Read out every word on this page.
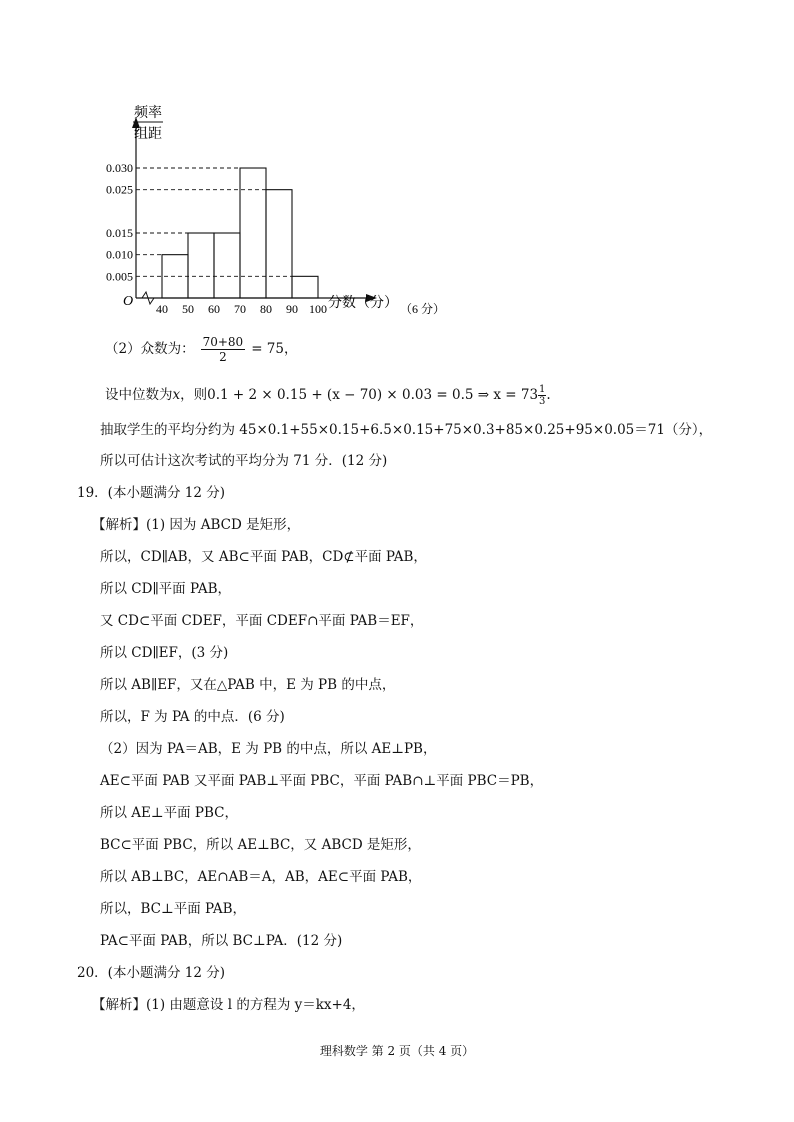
频率
组距
O
0.030
0.025
0.015
0.010
0.005
40 50 60 70 80 90 100 分数（分） （6 分）
（2）众数为： $\frac{70+80}{2} = 75$，
设中位数为x，则0.1 + 2 × 0.15 + (x − 70) × 0.03 = 0.5 ⇒ $x = 73 \frac{1}{3}$ .
抽取学生的平均分约为 45×0.1+55×0.15+6.5×0.15+75×0.3+85×0.25+95×0.05＝71（分），
所以可估计这次考试的平均分为 71 分．(12 分)
19．(本小题满分 12 分)
【解析】(1) 因为 ABCD 是矩形，
所以，CD∥AB，又 AB⊂平面 PAB，CD⊄平面 PAB，
所以 CD∥平面 PAB，
又 CD⊂平面 CDEF，平面 CDEF∩平面 PAB＝EF，
所以 CD∥EF，(3 分)
所以 AB∥EF，又在△PAB 中，E 为 PB 的中点，
所以，F 为 PA 的中点．(6 分)
（2）因为 PA＝AB，E 为 PB 的中点，所以 AE⊥PB，
AE⊂平面 PAB 又平面 PAB⊥平面 PBC，平面 PAB∩⊥平面 PBC＝PB，
所以 AE⊥平面 PBC，
BC⊂平面 PBC，所以 AE⊥BC，又 ABCD 是矩形，
所以 AB⊥BC，AE∩AB＝A，AB，AE⊂平面 PAB，
所以，BC⊥平面 PAB，
PA⊂平面 PAB，所以 BC⊥PA．(12 分)
20．(本小题满分 12 分)
【解析】(1) 由题意设 l 的方程为 y＝kx+4，
理科数学 第 2 页（共 4 页）
